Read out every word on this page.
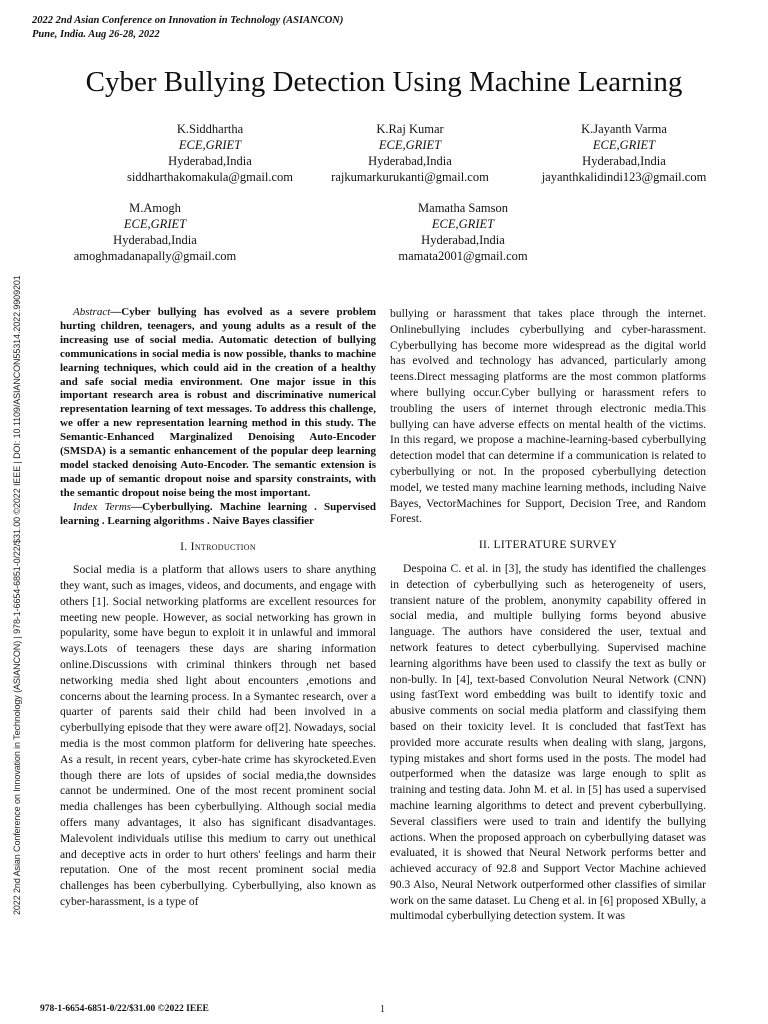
2022 2nd Asian Conference on Innovation in Technology (ASIANCON)
Pune, India. Aug 26-28, 2022
2022 2nd Asian Conference on Innovation in Technology (ASIANCON) | 978-1-6654-6851-0/22/$31.00 ©2022 IEEE | DOI: 10.1109/ASIANCON55314.2022.9909201
Cyber Bullying Detection Using Machine Learning
K.Siddhartha
ECE,GRIET
Hyderabad,India
siddharthakomakula@gmail.com
K.Raj Kumar
ECE,GRIET
Hyderabad,India
rajkumarkurukanti@gmail.com
K.Jayanth Varma
ECE,GRIET
Hyderabad,India
jayanthkalidindi123@gmail.com
M.Amogh
ECE,GRIET
Hyderabad,India
amoghmadanapally@gmail.com
Mamatha Samson
ECE,GRIET
Hyderabad,India
mamata2001@gmail.com

Abstract—Cyber bullying has evolved as a severe problem hurting children, teenagers, and young adults as a result of the increasing use of social media. Automatic detection of bullying communications in social media is now possible, thanks to machine learning techniques, which could aid in the creation of a healthy and safe social media environment. One major issue in this important research area is robust and discriminative numerical representation learning of text messages. To address this challenge, we offer a new representation learning method in this study. The Semantic-Enhanced Marginalized Denoising Auto-Encoder (SMSDA) is a semantic enhancement of the popular deep learning model stacked denoising Auto-Encoder. The semantic extension is made up of semantic dropout noise and sparsity constraints, with the semantic dropout noise being the most important.

Index Terms—Cyberbullying. Machine learning . Supervised learning . Learning algorithms . Naive Bayes classifier

I. Introduction

Social media is a platform that allows users to share anything they want, such as images, videos, and documents, and engage with others [1]. Social networking platforms are excellent resources for meeting new people. However, as social networking has grown in popularity, some have begun to exploit it in unlawful and immoral ways.Lots of teenagers these days are sharing information online.Discussions with criminal thinkers through net based networking media shed light about encounters ,emotions and concerns about the learning process. In a Symantec research, over a quarter of parents said their child had been involved in a cyberbullying episode that they were aware of[2]. Nowadays, social media is the most common platform for delivering hate speeches. As a result, in recent years, cyber-hate crime has skyrocketed.Even though there are lots of upsides of social media,the downsides cannot be undermined. One of the most recent prominent social media challenges has been cyberbullying. Although social media offers many advantages, it also has significant disadvantages. Malevolent individuals utilise this medium to carry out unethical and deceptive acts in order to hurt others' feelings and harm their reputation. One of the most recent prominent social media challenges has been cyberbullying. Cyberbullying, also known as cyber-harassment, is a type of

bullying or harassment that takes place through the internet. Onlinebullying includes cyberbullying and cyber-harassment. Cyberbullying has become more widespread as the digital world has evolved and technology has advanced, particularly among teens.Direct messaging platforms are the most common platforms where bullying occur.Cyber bullying or harassment refers to troubling the users of internet through electronic media.This bullying can have adverse effects on mental health of the victims. In this regard, we propose a machine-learning-based cyberbullying detection model that can determine if a communication is related to cyberbullying or not. In the proposed cyberbullying detection model, we tested many machine learning methods, including Naive Bayes, VectorMachines for Support, Decision Tree, and Random Forest.

II. LITERATURE SURVEY

Despoina C. et al. in [3], the study has identified the challenges in detection of cyberbullying such as heterogeneity of users, transient nature of the problem, anonymity capability offered in social media, and multiple bullying forms beyond abusive language. The authors have considered the user, textual and network features to detect cyberbullying. Supervised machine learning algorithms have been used to classify the text as bully or non-bully. In [4], text-based Convolution Neural Network (CNN) using fastText word embedding was built to identify toxic and abusive comments on social media platform and classifying them based on their toxicity level. It is concluded that fastText has provided more accurate results when dealing with slang, jargons, typing mistakes and short forms used in the posts. The model had outperformed when the datasize was large enough to split as training and testing data. John M. et al. in [5] has used a supervised machine learning algorithms to detect and prevent cyberbullying. Several classifiers were used to train and identify the bullying actions. When the proposed approach on cyberbullying dataset was evaluated, it is showed that Neural Network performs better and achieved accuracy of 92.8 and Support Vector Machine achieved 90.3 Also, Neural Network outperformed other classifies of similar work on the same dataset. Lu Cheng et al. in [6] proposed XBully, a multimodal cyberbullying detection system. It was

978-1-6654-6851-0/22/$31.00 ©2022 IEEE	1
